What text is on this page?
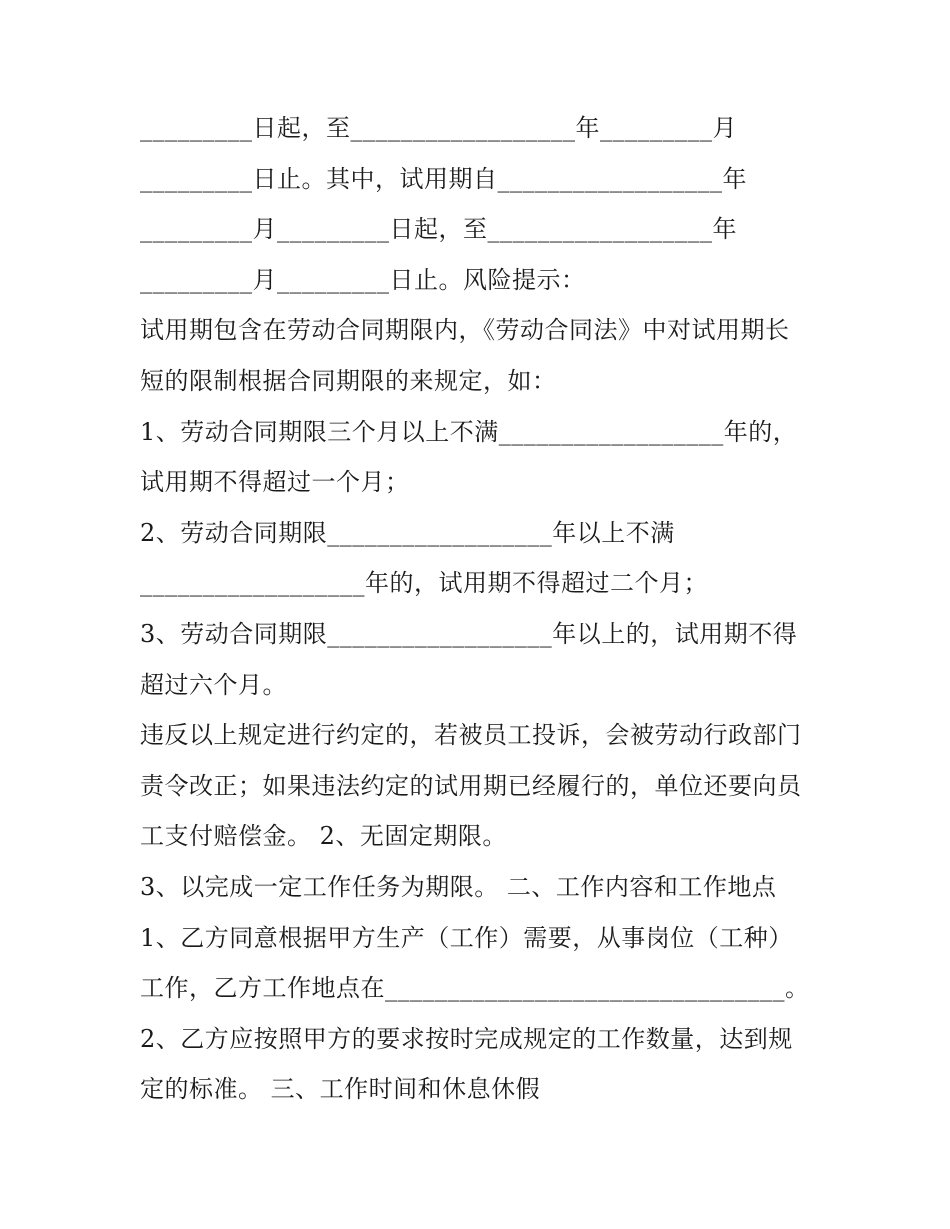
_________日起，至__________________年_________月
_________日止。其中，试用期自__________________年
_________月_________日起，至__________________年
_________月_________日止。风险提示：
试用期包含在劳动合同期限内，《劳动合同法》中对试用期长
短的限制根据合同期限的来规定，如：
1、劳动合同期限三个月以上不满__________________年的，
试用期不得超过一个月；
2、劳动合同期限__________________年以上不满
__________________年的，试用期不得超过二个月；
3、劳动合同期限__________________年以上的，试用期不得
超过六个月。
违反以上规定进行约定的，若被员工投诉，会被劳动行政部门
责令改正；如果违法约定的试用期已经履行的，单位还要向员
工支付赔偿金。 2、无固定期限。
3、以完成一定工作任务为期限。 二、工作内容和工作地点
1、乙方同意根据甲方生产（工作）需要，从事岗位（工种）
工作，乙方工作地点在________________________________。
2、乙方应按照甲方的要求按时完成规定的工作数量，达到规
定的标准。 三、工作时间和休息休假
